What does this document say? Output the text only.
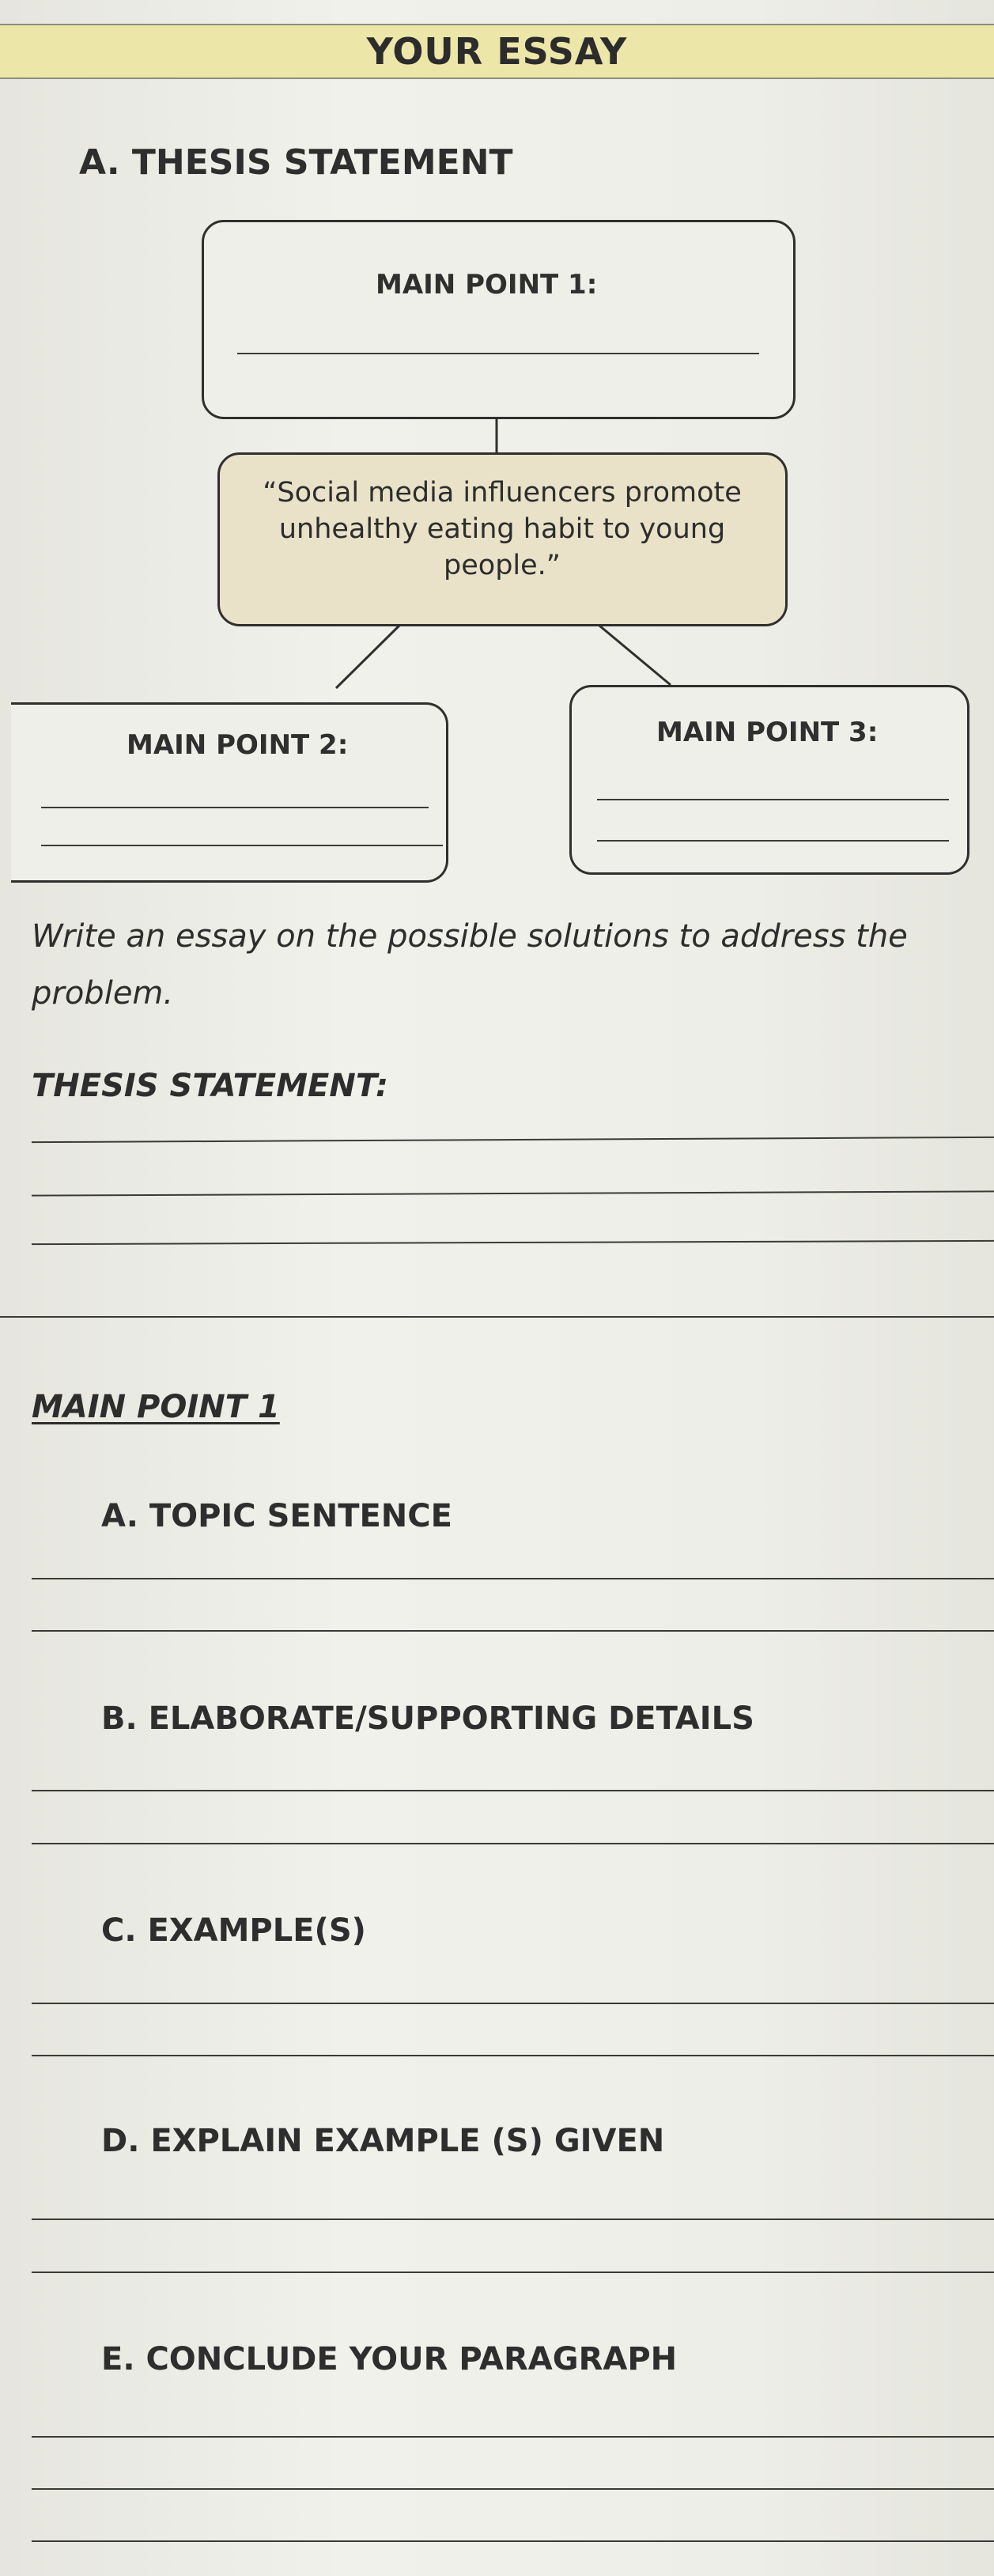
YOUR ESSAY
A. THESIS STATEMENT
MAIN POINT 1:
“Social media influencers promote unhealthy eating habit to young people.”
MAIN POINT 2:	MAIN POINT 3:
Write an essay on the possible solutions to address the
problem.
THESIS STATEMENT:
MAIN POINT 1
A. TOPIC SENTENCE
B. ELABORATE/SUPPORTING DETAILS
C. EXAMPLE(S)
D. EXPLAIN EXAMPLE (S) GIVEN
E. CONCLUDE YOUR PARAGRAPH
